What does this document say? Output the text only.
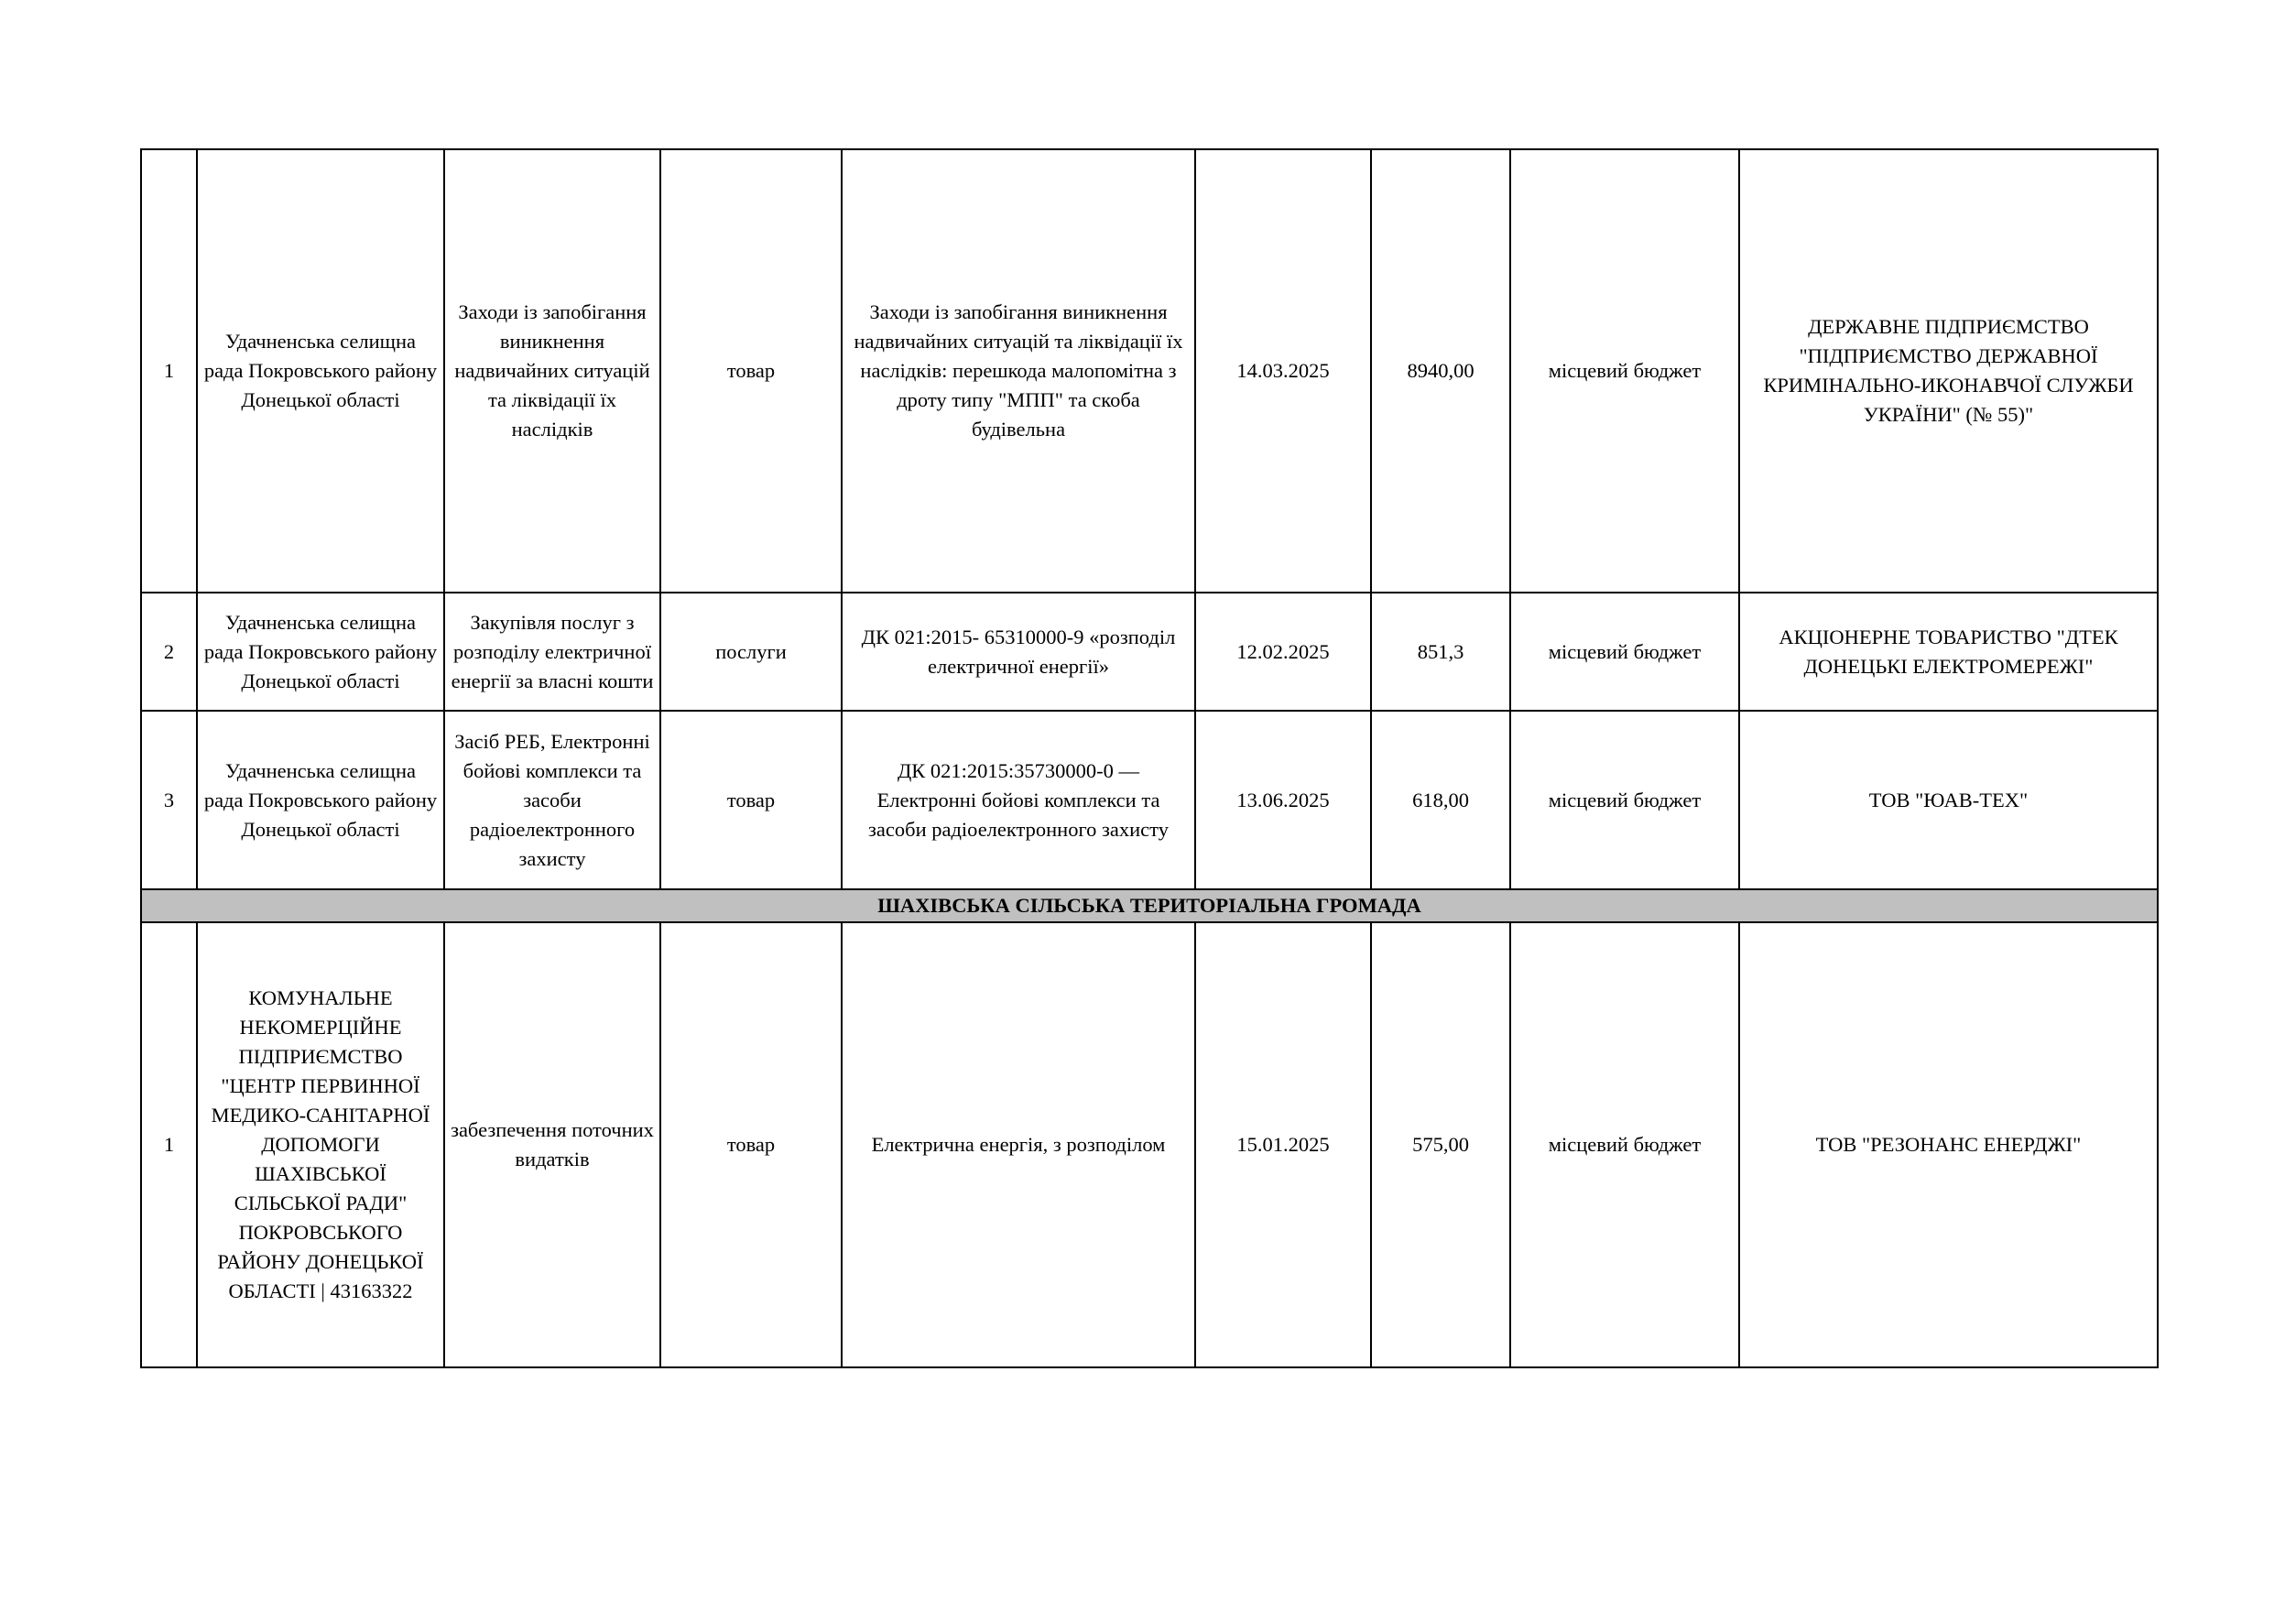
1	Удачненська селищна рада Покровського району Донецької області	Заходи із запобігання виникнення надвичайних ситуацій та ліквідації їх наслідків	товар	Заходи із запобігання виникнення надвичайних ситуацій та ліквідації їх наслідків: перешкода малопомітна з дроту типу "МПП" та скоба будівельна	14.03.2025	8940,00	місцевий бюджет	ДЕРЖАВНЕ ПІДПРИЄМСТВО "ПІДПРИЄМСТВО ДЕРЖАВНОЇ КРИМІНАЛЬНО-ИКОНАВЧОЇ СЛУЖБИ УКРАЇНИ" (№ 55)"
2	Удачненська селищна рада Покровського району Донецької області	Закупівля послуг з розподілу електричної енергії за власні кошти	послуги	ДК 021:2015- 65310000-9 «розподіл електричної енергії»	12.02.2025	851,3	місцевий бюджет	АКЦІОНЕРНЕ ТОВАРИСТВО "ДТЕК ДОНЕЦЬКІ ЕЛЕКТРОМЕРЕЖІ"
3	Удачненська селищна рада Покровського району Донецької області	Засіб РЕБ, Електронні бойові комплекси та засоби радіоелектронного захисту	товар	ДК 021:2015:35730000-0 — Електронні бойові комплекси та засоби радіоелектронного захисту	13.06.2025	618,00	місцевий бюджет	ТОВ "ЮАВ-ТЕХ"
ШАХІВСЬКА СІЛЬСЬКА ТЕРИТОРІАЛЬНА ГРОМАДА								
1	КОМУНАЛЬНЕ НЕКОМЕРЦІЙНЕ ПІДПРИЄМСТВО "ЦЕНТР ПЕРВИННОЇ МЕДИКО-САНІТАРНОЇ ДОПОМОГИ ШАХІВСЬКОЇ СІЛЬСЬКОЇ РАДИ" ПОКРОВСЬКОГО РАЙОНУ ДОНЕЦЬКОЇ ОБЛАСТІ | 43163322	забезпечення поточних видатків	товар	Електрична енергія, з розподілом	15.01.2025	575,00	місцевий бюджет	ТОВ "РЕЗОНАНС ЕНЕРДЖІ"
